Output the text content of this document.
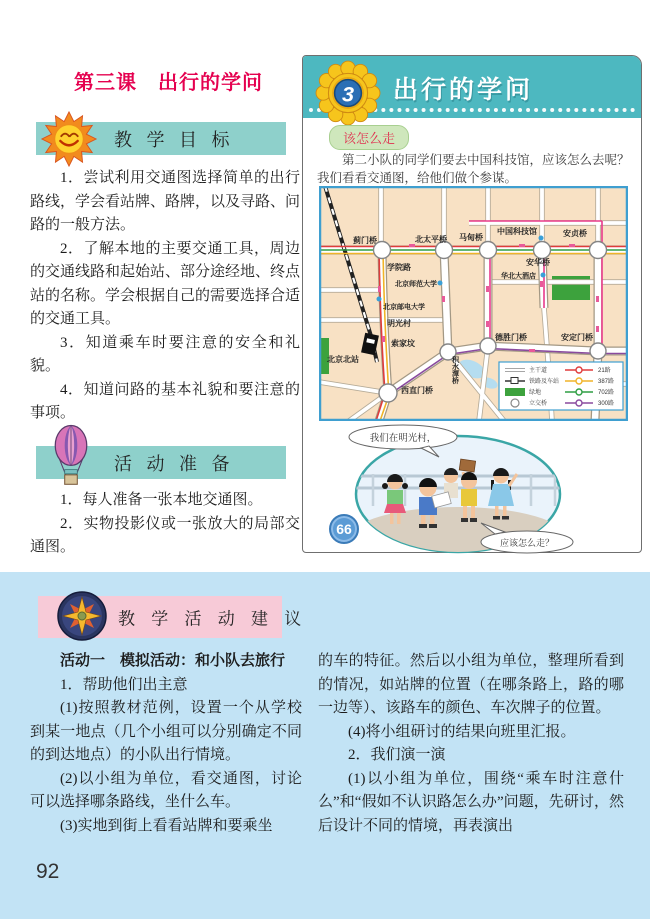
第三课　出行的学问
教 学 目 标

1．尝试利用交通图选择简单的出行路线，学会看站牌、路牌，以及寻路、问路的一般方法。

2．了解本地的主要交通工具，周边的交通线路和起始站、部分途经地、终点站的名称。学会根据自己的需要选择合适的交通工具。

3．知道乘车时要注意的安全和礼貌。

4．知道问路的基本礼貌和要注意的事项。

活 动 准 备

1．每人准备一张本地交通图。

2．实物投影仪或一张放大的局部交通图。

3 出行的学问
该怎么走

第二小队的同学们要去中国科技馆，应该怎么去呢？

我们看看交通图，给他们做个参谋。

蓟门桥	北太平桥 马甸桥
中国科技馆	安贞桥
学院路
安华桥
北京师范大学
华北大酒店
北京邮电大学
明光村
索家坟
北京北站	积水潭桥
德胜门桥	安定门桥
西直门桥
主干道
铁路及车站
绿地
立交桥
21路
387路
702路
300路
我们在明光村，
应该怎么走？
66
教 学 活 动 建 议

活动一　模拟活动：和小队去旅行

1．帮助他们出主意

(1)按照教材范例，设置一个从学校到某一地点（几个小组可以分别确定不同的到达地点）的小队出行情境。

(2)以小组为单位，看交通图，讨论可以选择哪条路线，坐什么车。

(3)实地到街上看看站牌和要乘坐

的车的特征。然后以小组为单位，整理所看到的情况，如站牌的位置（在哪条路上，路的哪一边等）、该路车的颜色、车次牌子的位置。

(4)将小组研讨的结果向班里汇报。

2．我们演一演

(1)以小组为单位，围绕“乘车时注意什么”和“假如不认识路怎么办”问题，先研讨，然后设计不同的情境，再表演出

92
